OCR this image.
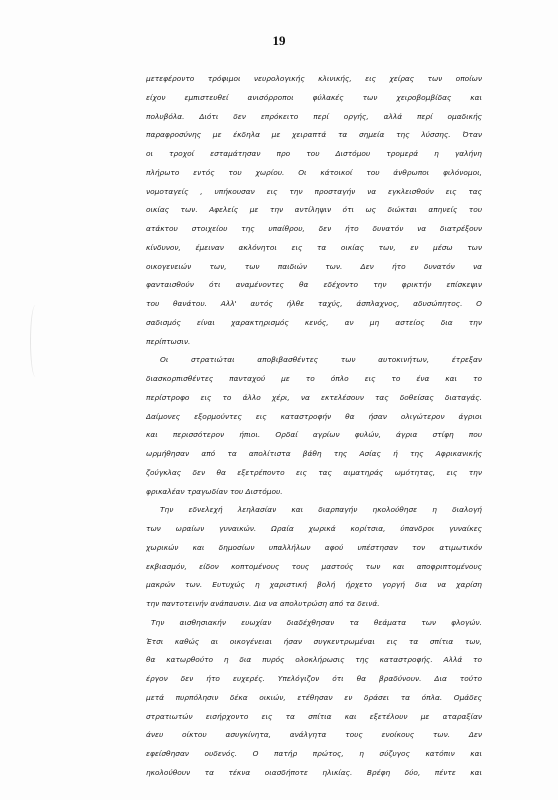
19
μετεφέροντο τρόφιμοι νευρολογικής κλινικής, εις χείρας των οποίων
είχον εμπιστευθεί ανισόρροποι φύλακές των χειροβομβίδας και
πολυβόλα. Διότι δεν επρόκειτο περί οργής, αλλά περί ομαδικής
παραφροσύνης με έκδηλα με χειραπτά τα σημεία της λύσσης. Όταν
οι τροχοί εσταμάτησαν προ του Διστόμου τρομερά η γαλήνη
πλήρωτο εντός του χωρίου. Οι κάτοικοί του άνθρωποι φιλόνομοι,
νομοταγείς , υπήκουσαν εις την προσταγήν να εγκλεισθούν εις τας
οικίας των. Αφελείς με την αντίληψιν ότι ως διώκται απηνείς του
ατάκτου στοιχείου της υπαίθρου, δεν ήτο δυνατόν να διατρέξουν
κίνδυνον, έμειναν ακλόνητοι εις τα οικίας των, εν μέσω των
οικογενειών των, των παιδιών των. Δεν ήτο δυνατόν να
φανταισθούν ότι αναμένοντες θα εδέχοντο την φρικτήν επίσκεψιν
του θανάτου. Αλλ' αυτός ήλθε ταχύς, άσπλαχνος, αδυσώπητος. Ο
σαδισμός είναι χαρακτηρισμός κενός, αν μη αστείος δια την
περίπτωσιν.
Οι στρατιώται αποβιβασθέντες των αυτοκινήτων, έτρεξαν
διασκορπισθέντες πανταχού με το όπλο εις το ένα και το
περίστροφο εις το άλλο χέρι, να εκτελέσουν τας δοθείσας διαταγάς.
Δαίμονες εξορμούντες εις καταστροφήν θα ήσαν ολιγώτερον άγριοι
και περισσότερον ήπιοι. Ορδαί αγρίων φυλών, άγρια στίφη που
ωρμήθησαν από τα απολίτιστα βάθη της Ασίας ή της Αφρικανικής
ζούγκλας δεν θα εξετρέποντο εις τας αιματηράς ωμότητας, εις την
φρικαλέαν τραγωδίαν του Διστόμου.
Την εδνελεχή λεηλασίαν και διαρπαγήν ηκολούθησε η διαλογή
των ωραίων γυναικών. Ωραία χωρικά κορίτσια, ύπανδροι γυναίκες
χωρικών και δημοσίων υπαλλήλων αφού υπέστησαν τον ατιμωτικόν
εκβιασμόν, είδον κοπτομένους τους μαστούς των και αποφριπτομένους
μακρών των. Ευτυχώς η χαριστική βολή ήρχετο γοργή δια να χαρίση
την παντοτεινήν ανάπαυσιν. Δια να απολυτρώση από τα δεινά.
Την αισθησιακήν ευωχίαν διαδέχθησαν τα θεάματα των φλογών.
Έτσι καθώς αι οικογένειαι ήσαν συγκεντρωμέναι εις τα σπίτια των,
θα κατωρθούτο η δια πυρός ολοκλήρωσις της καταστροφής. Αλλά το
έργον δεν ήτο ευχερές. Υπελόγιζον ότι θα βραδύνουν. Δια τούτο
μετά πυρπόλησιν δέκα οικιών, ετέθησαν εν δράσει τα όπλα. Ομάδες
στρατιωτών εισήρχοντο εις τα σπίτια και εξετέλουν με αταραξίαν
άνευ οίκτου ασυγκίνητα, ανάλγητα τους ενοίκους των. Δεν
εφείσθησαν ουδενός. Ο πατήρ πρώτος, η σύζυγος κατόπιν και
ηκολούθουν τα τέκνα οιασδήποτε ηλικίας. Βρέφη δύο, πέντε και
